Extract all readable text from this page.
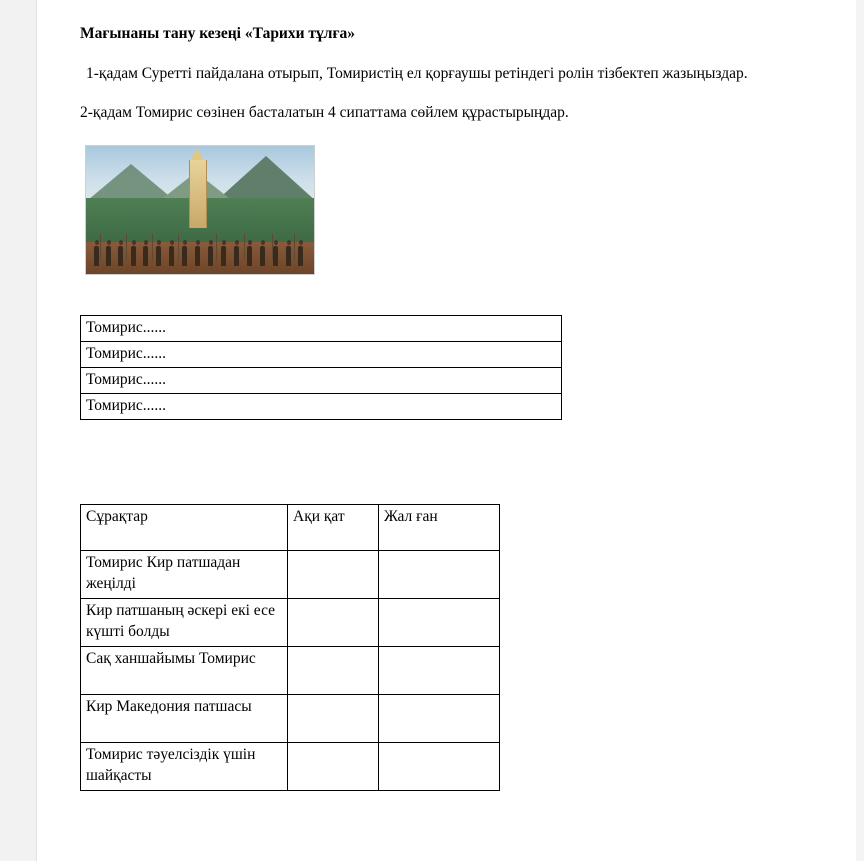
Мағынаны тану кезеңі «Тарихи тұлға»

1-қадам Суретті пайдалана отырып, Томиристің ел қорғаушы ретіндегі ролін тізбектеп жазыңыздар.

2-қадам Томирис сөзінен басталатын 4 сипаттама сөйлем құрастырыңдар.

Томирис......
Томирис......
Томирис......
Томирис......
Сұрақтар	Ақи қат	Жал ған
Томирис Кир патшадан жеңілді		
Кир патшаның әскері екі есе күшті болды		
Сақ ханшайымы Томирис		
Кир Македония патшасы		
Томирис тәуелсіздік үшін шайқасты		
